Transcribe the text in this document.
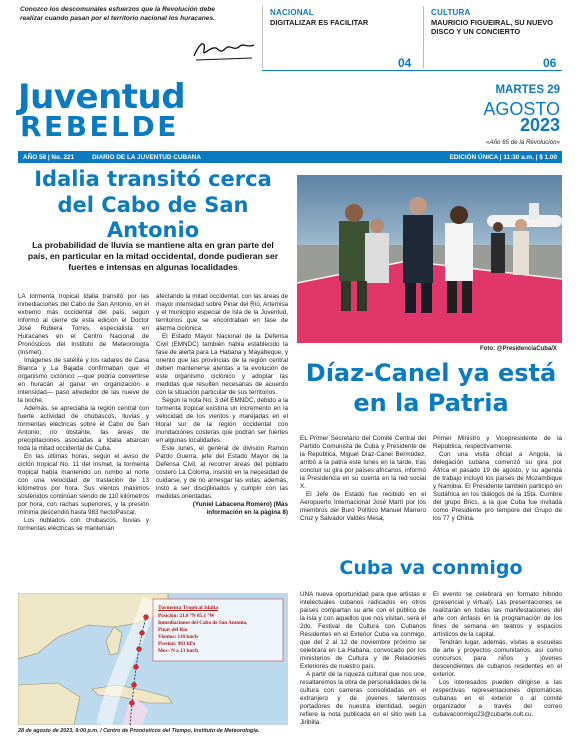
Conozco los descomunales esfuerzos que la Revolución debe realizar cuando pasan por el territorio nacional los huracanes.
NACIONAL
DIGITALIZAR ES FACILITAR
04
CULTURA
MAURICIO FIGUEIRAL, SU NUEVO DISCO Y UN CONCIERTO
06
Juventud
REBELDE
MARTES 29
AGOSTO
2023
«Año 65 de la Revolución»
AÑO 58 | No. 221	DIARIO DE LA JUVENTUD CUBANA	EDICIÓN ÚNICA | 11:30 a.m. | $ 1.00
Idalia transitó cerca del Cabo de San Antonio
La probabilidad de lluvia se mantiene alta en gran parte del país, en particular en la mitad occidental, donde pudieran ser fuertes e intensas en algunas localidades

LA tormenta tropical Idalia transitó por las inmediaciones del Cabo de San Antonio, en el extremo más occidental del país, según informó al cierre de esta edición el Doctor José Rubiera Torres, especialista en Huracanes en el Centro Nacional de Pronósticos del Instituto de Meteorología (Insmet).

Imágenes de satélite y los radares de Casa Blanca y La Bajada confirmaban que el organismo ciclónico —que podría convertirse en huracán al ganar en organización e intensidad— pasó alrededor de las nueve de la noche.

Además, se apreciaba la región central con fuerte actividad de chubascos, lluvias y tormentas eléctricas sobre el Cabo de San Antonio; no obstante, las áreas de precipitaciones asociadas a Idalia abarcan toda la mitad occidental de Cuba.

En las últimas horas, según el aviso de ciclón tropical No. 11 del Insmet, la tormenta tropical había mantenido un rumbo al norte con una velocidad de traslación de 13 kilómetros por hora. Sus vientos máximos sostenidos continúan siendo de 110 kilómetros por hora, con rachas superiores, y la presión mínima descendió hasta 983 hectoPascal.

Los nublados con chubascos, lluvias y tormentas eléctricas se mantenían

afectando la mitad occidental, con las áreas de mayor intensidad sobre Pinar del Río, Artemisa y el municipio especial de Isla de la Juventud, territorios que se encontraban en fase de alarma ciclónica.

El Estado Mayor Nacional de la Defensa Civil (EMNDC) también había establecido la fase de alerta para La Habana y Mayabeque, y orientó que las provincias de la región central deben mantenerse atentas a la evolución de este organismo ciclónico y adoptar las medidas que resulten necesarias de acuerdo con la situación particular de sus territorios.

Según la nota No. 3 del EMNDC, debido a la tormenta tropical existiría un incremento en la velocidad de los vientos y marejadas en el litoral sur de la región occidental con inundaciones costeras que podrán ser fuertes en algunas localidades.

Este lunes, el general de división Ramón Pardo Guerra, jefe del Estado Mayor de la Defensa Civil, al recorrer áreas del poblado costero La Coloma, insistió en la necesidad de cuidarse, y de no arriesgar las vidas; además, instó a ser disciplinados y cumplir con las medidas orientadas.

(Yuniel Labacena Romero) (Más información en la página 8)

Foto: @PresidenciaCuba/X
Díaz-Canel ya está en la Patria

EL Primer Secretario del Comité Central del Partido Comunista de Cuba y Presidente de la República, Miguel Díaz-Canel Bermúdez, arribó a la patria este lunes en la tarde, tras concluir su gira por países africanos, informó la Presidencia en su cuenta en la red social X.

El Jefe de Estado fue recibido en el Aeropuerto Internacional José Martí por los miembros del Buró Político Manuel Marrero Cruz y Salvador Valdés Mesa,

Primer Ministro y Vicepresidente de la República, respectivamente.

Con una visita oficial a Angola, la delegación cubana comenzó su gira por África el pasado 19 de agosto, y su agenda de trabajo incluyó los países de Mozambique y Namibia. El Presidente también participó en Sudáfrica en los diálogos de la 15ta. Cumbre del grupo Brics, a la que Cuba fue invitada como Presidente pro tempore del Grupo de los 77 y China.

Cuba va conmigo

UNA nueva oportunidad para que artistas e intelectuales cubanos radicados en otros países compartan su arte con el público de la Isla y con aquellos que nos visitan, será el 2do. Festival de Cultura con Cubanos Residentes en el Exterior Cuba va conmigo, que del 2 al 12 de noviembre próximo se celebrará en La Habana, convocado por los ministerios de Cultura y de Relaciones Exteriores de nuestro país.

A partir de la riqueza cultural que nos une, resaltaremos la obra de personalidades de la cultura con carreras consolidadas en el extranjero y de jóvenes talentosos portadores de nuestra identidad, según refiere la nota publicada en el sitio web La Jiribilla.

El evento se celebrará en formato híbrido (presencial y virtual). Las presentaciones se realizarán en todas las manifestaciones del arte con énfasis en la programación de los fines de semana en teatros y espacios artísticos de la capital.

Tendrán lugar, además, visitas a escuelas de arte y proyectos comunitarios, así como concursos para niños y jóvenes descendientes de cubanos residentes en el exterior.

Los interesados pueden dirigirse a las respectivas representaciones diplomáticas cubanas en el exterior o al comité organizador a través del correo cubavaconmigo23@cubarte.cult.cu.

Tormenta Tropical Idalia
Posición: 21.8 °N 85.1 °W
Inmediaciones del Cabo de San Antonio,
Pinar del Río
Vientos: 110 km/h
Presión: 983 hPa
Mov: N a 13 km/h
28 de agosto de 2023, 9:00 p.m. / Centro de Pronósticos del Tiempo, Instituto de Meteorología.
